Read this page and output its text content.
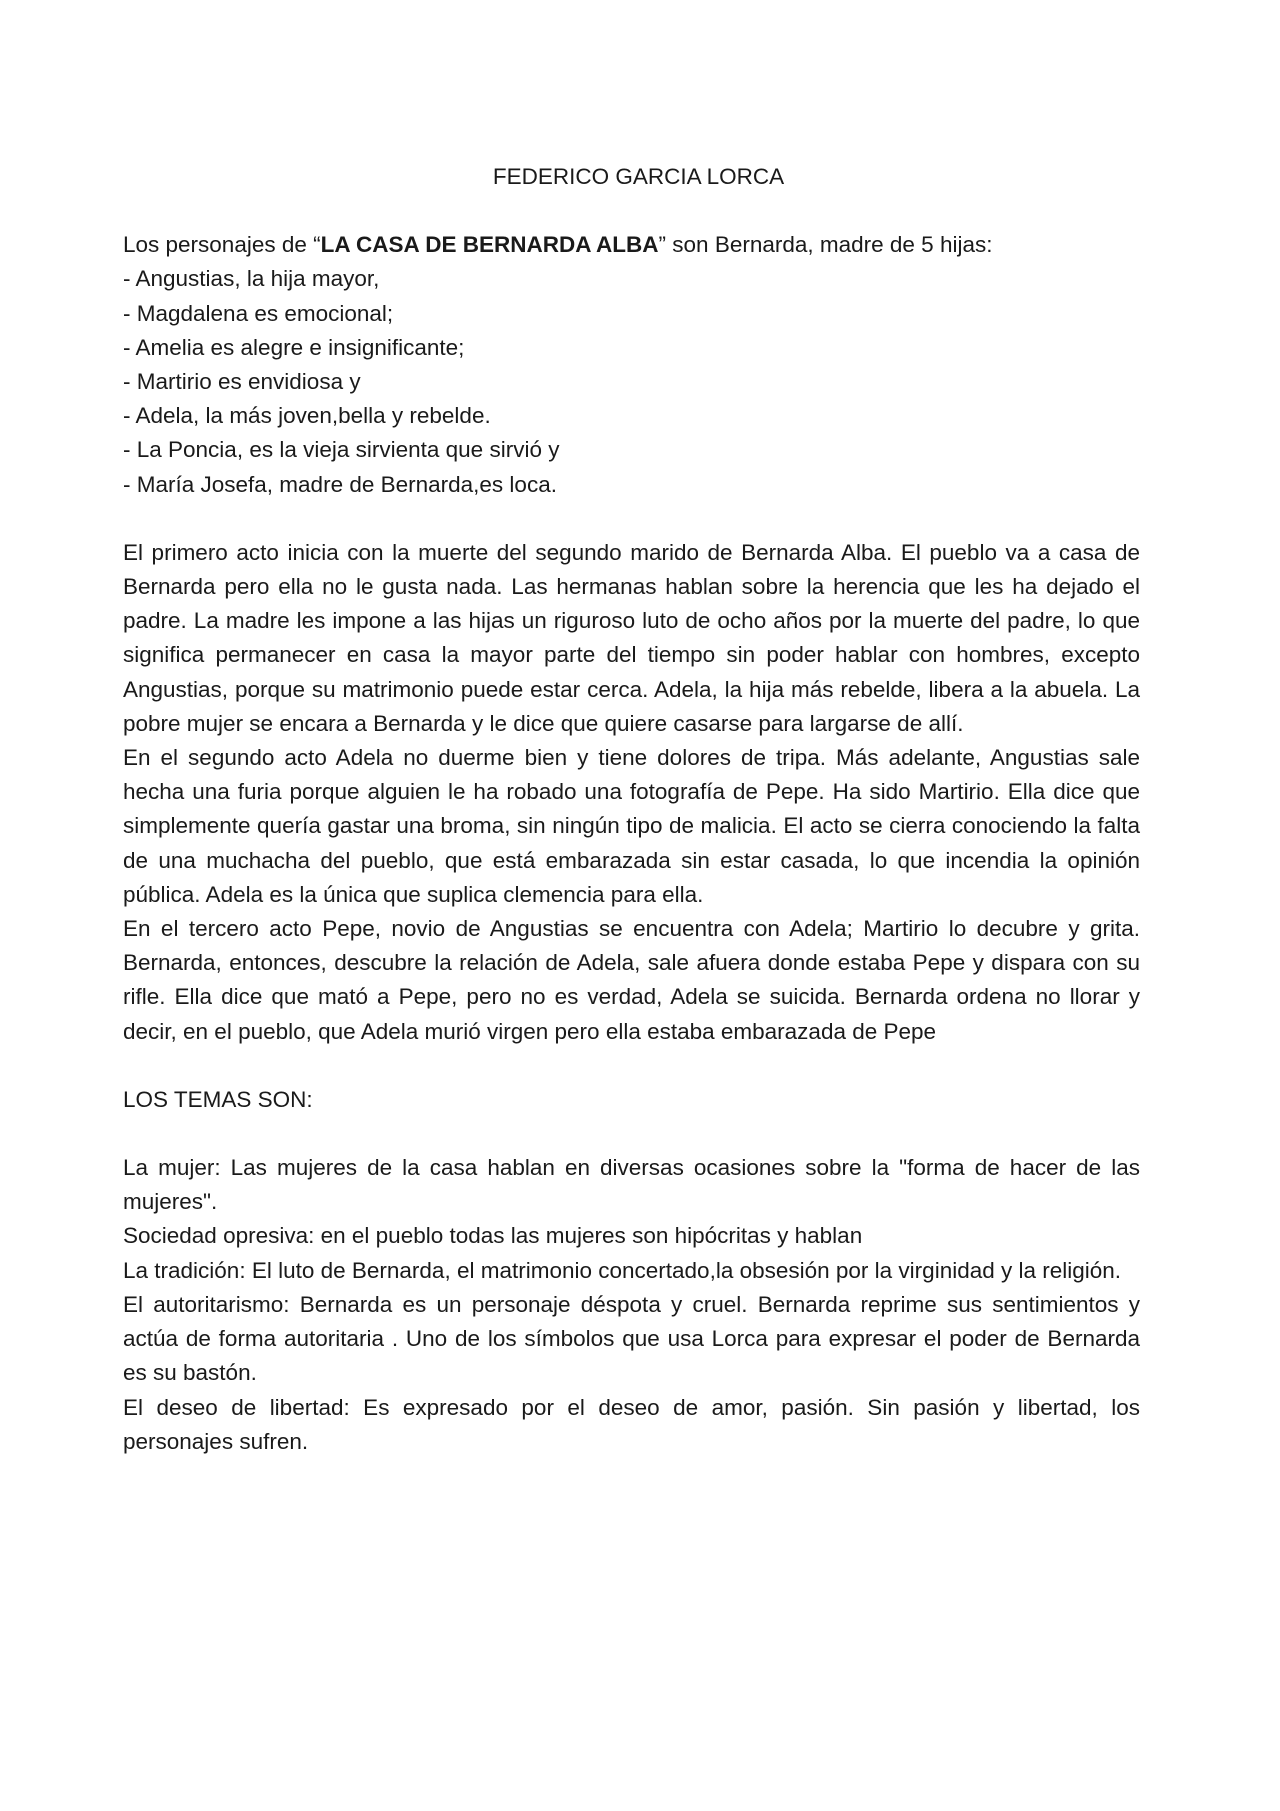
FEDERICO GARCIA LORCA

Los personajes de “LA CASA DE BERNARDA ALBA” son Bernarda, madre de 5 hijas:

- Angustias, la hija mayor,
- Magdalena es emocional;
- Amelia es alegre e insignificante;
- Martirio es envidiosa y
- Adela, la más joven,bella y rebelde.
- La Poncia, es la vieja sirvienta que sirvió y
- María Josefa, madre de Bernarda,es loca.

El primero acto inicia con la muerte del segundo marido de Bernarda Alba. El pueblo va a casa de Bernarda pero ella no le gusta nada. Las hermanas hablan sobre la herencia que les ha dejado el padre. La madre les impone a las hijas un riguroso luto de ocho años por la muerte del padre, lo que significa permanecer en casa la mayor parte del tiempo sin poder hablar con hombres, excepto Angustias, porque su matrimonio puede estar cerca. Adela, la hija más rebelde, libera a la abuela. La pobre mujer se encara a Bernarda y le dice que quiere casarse para largarse de allí.

En el segundo acto Adela no duerme bien y tiene dolores de tripa. Más adelante, Angustias sale hecha una furia porque alguien le ha robado una fotografía de Pepe. Ha sido Martirio. Ella dice que simplemente quería gastar una broma, sin ningún tipo de malicia. El acto se cierra conociendo la falta de una muchacha del pueblo, que está embarazada sin estar casada, lo que incendia la opinión pública. Adela es la única que suplica clemencia para ella.

En el tercero acto Pepe, novio de Angustias se encuentra con Adela; Martirio lo decubre y grita. Bernarda, entonces, descubre la relación de Adela, sale afuera donde estaba Pepe y dispara con su rifle. Ella dice que mató a Pepe, pero no es verdad, Adela se suicida. Bernarda ordena no llorar y decir, en el pueblo, que Adela murió virgen pero ella estaba embarazada de Pepe

LOS TEMAS SON:

La mujer: Las mujeres de la casa hablan en diversas ocasiones sobre la "forma de hacer de las mujeres".

Sociedad opresiva: en el pueblo todas las mujeres son hipócritas y hablan

La tradición: El luto de Bernarda, el matrimonio concertado,la obsesión por la virginidad y la religión.

El autoritarismo: Bernarda es un personaje déspota y cruel. Bernarda reprime sus sentimientos y actúa de forma autoritaria . Uno de los símbolos que usa Lorca para expresar el poder de Bernarda es su bastón.

El deseo de libertad: Es expresado por el deseo de amor, pasión. Sin pasión y libertad, los personajes sufren.
